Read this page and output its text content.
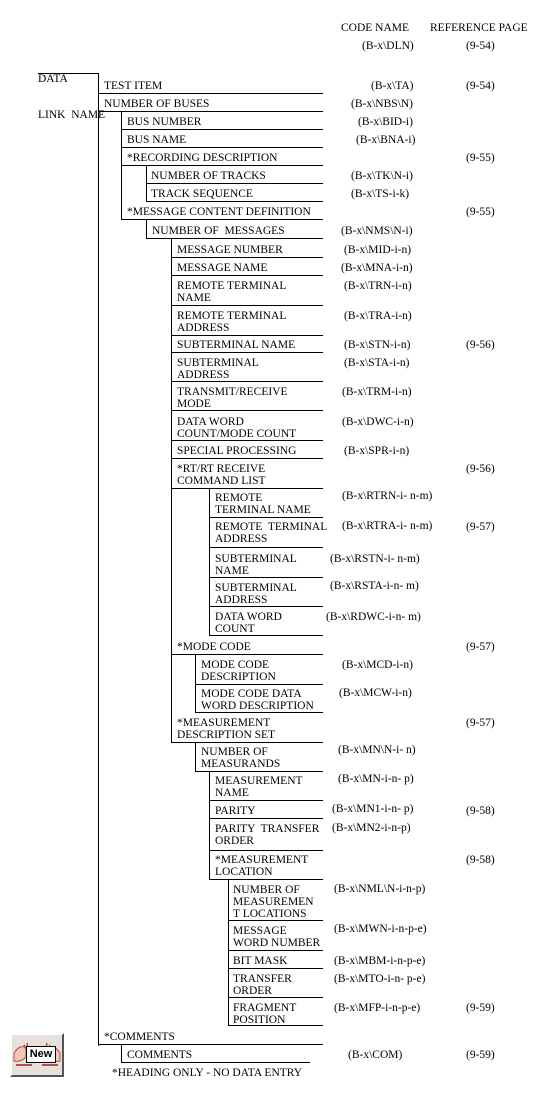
CODE NAME REFERENCE PAGE

DATA

LINK  NAME

(B-x\DLN)	(9-54)
TEST ITEM
NUMBER OF BUSES
BUS NUMBER
BUS NAME
*RECORDING DESCRIPTION
NUMBER OF TRACKS
TRACK SEQUENCE
*MESSAGE CONTENT DEFINITION
NUMBER OF  MESSAGES
MESSAGE NUMBER
MESSAGE NAME
REMOTE TERMINAL
NAME
REMOTE TERMINAL
ADDRESS
SUBTERMINAL NAME
SUBTERMINAL
ADDRESS
TRANSMIT/RECEIVE
MODE
DATA WORD
COUNT/MODE COUNT
SPECIAL PROCESSING
*RT/RT RECEIVE
COMMAND LIST
REMOTE
TERMINAL NAME
REMOTE  TERMINAL
ADDRESS
SUBTERMINAL
NAME
SUBTERMINAL
ADDRESS
DATA WORD
COUNT
*MODE CODE
MODE CODE
DESCRIPTION
MODE CODE DATA
WORD DESCRIPTION
*MEASUREMENT
DESCRIPTION SET
NUMBER OF
MEASURANDS
MEASUREMENT
NAME
PARITY
PARITY  TRANSFER
ORDER
*MEASUREMENT
LOCATION
NUMBER OF
MEASUREMEN
T LOCATIONS
MESSAGE
WORD NUMBER
BIT MASK
TRANSFER
ORDER
FRAGMENT
POSITION
*COMMENTS
COMMENTS
(B-x\TA)
(B-x\NBS\N)
(B-x\BID-i)
(B-x\BNA-i)
(B-x\TK\N-i)
(B-x\TS-i-k)
(B-x\NMS\N-i)
(B-x\MID-i-n)
(B-x\MNA-i-n)
(B-x\TRN-i-n)
(B-x\TRA-i-n)
(B-x\STN-i-n)
(B-x\STA-i-n)
(B-x\TRM-i-n)
(B-x\DWC-i-n)
(B-x\SPR-i-n)
(B-x\RTRN-i- n-m)
(B-x\RTRA-i- n-m)
(B-x\RSTN-i- n-m)
(B-x\RSTA-i-n- m)
(B-x\RDWC-i-n- m)
(B-x\MCD-i-n)
(B-x\MCW-i-n)
(B-x\MN\N-i- n)
(B-x\MN-i-n- p)
(B-x\MN1-i-n- p)
(B-x\MN2-i-n-p)
(B-x\NML\N-i-n-p)
(B-x\MWN-i-n-p-e)
(B-x\MBM-i-n-p-e)
(B-x\MTO-i-n- p-e)
(B-x\MFP-i-n-p-e)
(B-x\COM)
(9-54)
(9-55)
(9-55)
(9-56)
(9-56)
(9-57)
(9-57)
(9-57)
(9-58)
(9-58)
(9-59)
(9-59)
*HEADING ONLY - NO DATA ENTRY
New
